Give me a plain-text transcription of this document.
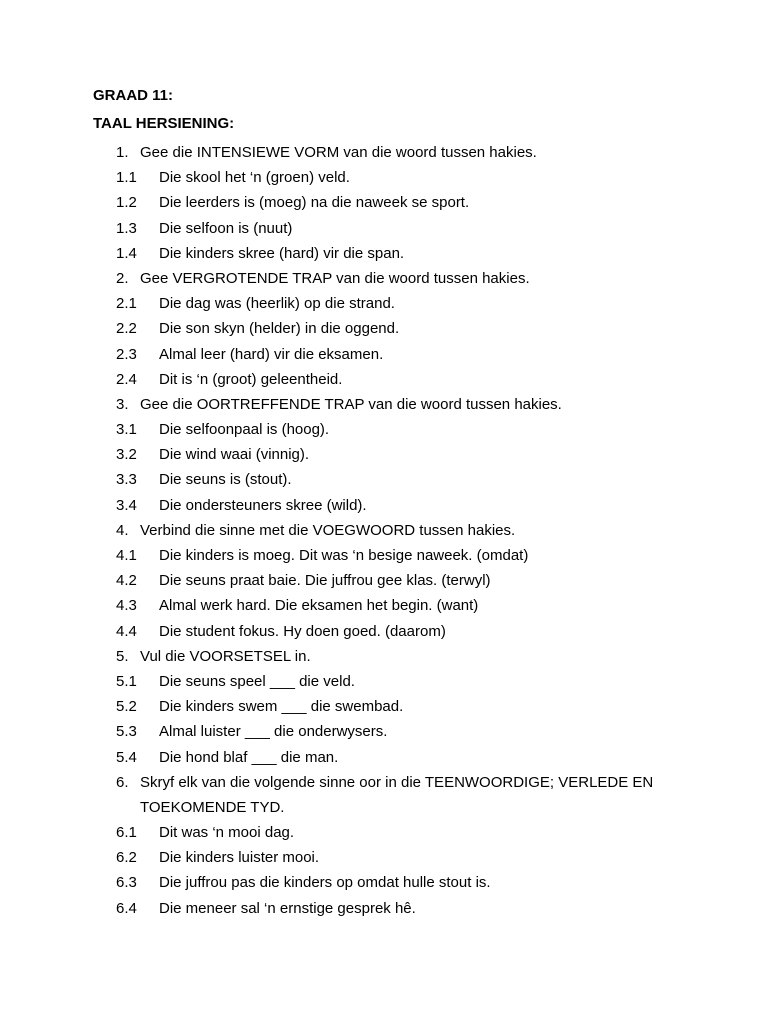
GRAAD 11:
TAAL HERSIENING:
1. Gee die INTENSIEWE VORM van die woord tussen hakies.
1.1 Die skool het ‘n (groen) veld.
1.2 Die leerders is (moeg) na die naweek se sport.
1.3 Die selfoon is (nuut)
1.4 Die kinders skree (hard) vir die span.
2. Gee VERGROTENDE TRAP van die woord tussen hakies.
2.1 Die dag was (heerlik) op die strand.
2.2 Die son skyn (helder) in die oggend.
2.3 Almal leer (hard) vir die eksamen.
2.4 Dit is ‘n (groot) geleentheid.
3. Gee die OORTREFFENDE TRAP van die woord tussen hakies.
3.1 Die selfoonpaal is (hoog).
3.2 Die wind waai (vinnig).
3.3 Die seuns is (stout).
3.4 Die ondersteuners skree (wild).
4. Verbind die sinne met die VOEGWOORD tussen hakies.
4.1 Die kinders is moeg. Dit was ‘n besige naweek. (omdat)
4.2 Die seuns praat baie. Die juffrou gee klas. (terwyl)
4.3 Almal werk hard. Die eksamen het begin. (want)
4.4 Die student fokus. Hy doen goed. (daarom)
5. Vul die VOORSETSEL in.
5.1 Die seuns speel ___ die veld.
5.2 Die kinders swem ___ die swembad.
5.3 Almal luister ___ die onderwysers.
5.4 Die hond blaf ___ die man.
6. Skryf elk van die volgende sinne oor in die TEENWOORDIGE; VERLEDE EN
TOEKOMENDE TYD.
6.1 Dit was ‘n mooi dag.
6.2 Die kinders luister mooi.
6.3 Die juffrou pas die kinders op omdat hulle stout is.
6.4 Die meneer sal ‘n ernstige gesprek hê.
